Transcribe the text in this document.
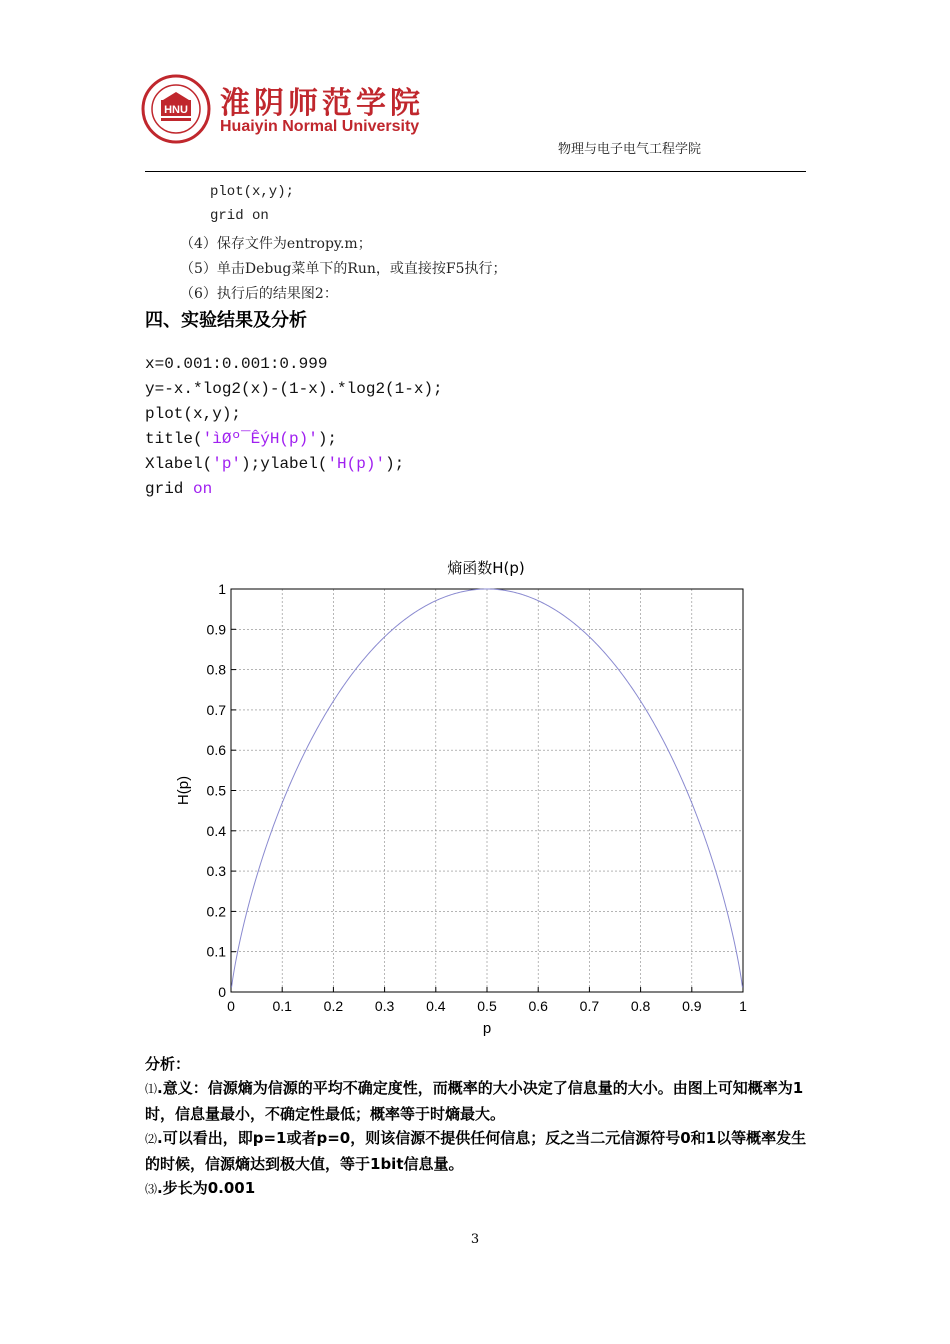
HNU 淮阴师范学院
Huaiyin Normal University
物理与电子电气工程学院
plot(x,y);
grid on
（4）保存文件为entropy.m；
（5）单击Debug菜单下的Run，或直接按F5执行；
（6）执行后的结果图2：
四、实验结果及分析
x=0.001:0.001:0.999
y=-x.*log2(x)-(1-x).*log2(1-x);
plot(x,y);
title('ìØº¯ÊýH(p)');
Xlabel('p');ylabel('H(p)');
grid on
熵函数H(p)
0	0.1 0.2 0.3 0.4 0.5 0.6 0.7 0.8 0.9	1
0
0.1
0.2
0.3
0.4
0.5
0.6
0.7
0.8
0.9
1
p
H(p)
分析：
⑴.意义：信源熵为信源的平均不确定度性，而概率的大小决定了信息量的大小。由图上可知概率为1时，信息量最小，不确定性最低；概率等于时熵最大。
⑵.可以看出，即p=1或者p=0，则该信源不提供任何信息；反之当二元信源符号0和1以等概率发生的时候，信源熵达到极大值，等于1bit信息量。
⑶.步长为0.001
3
